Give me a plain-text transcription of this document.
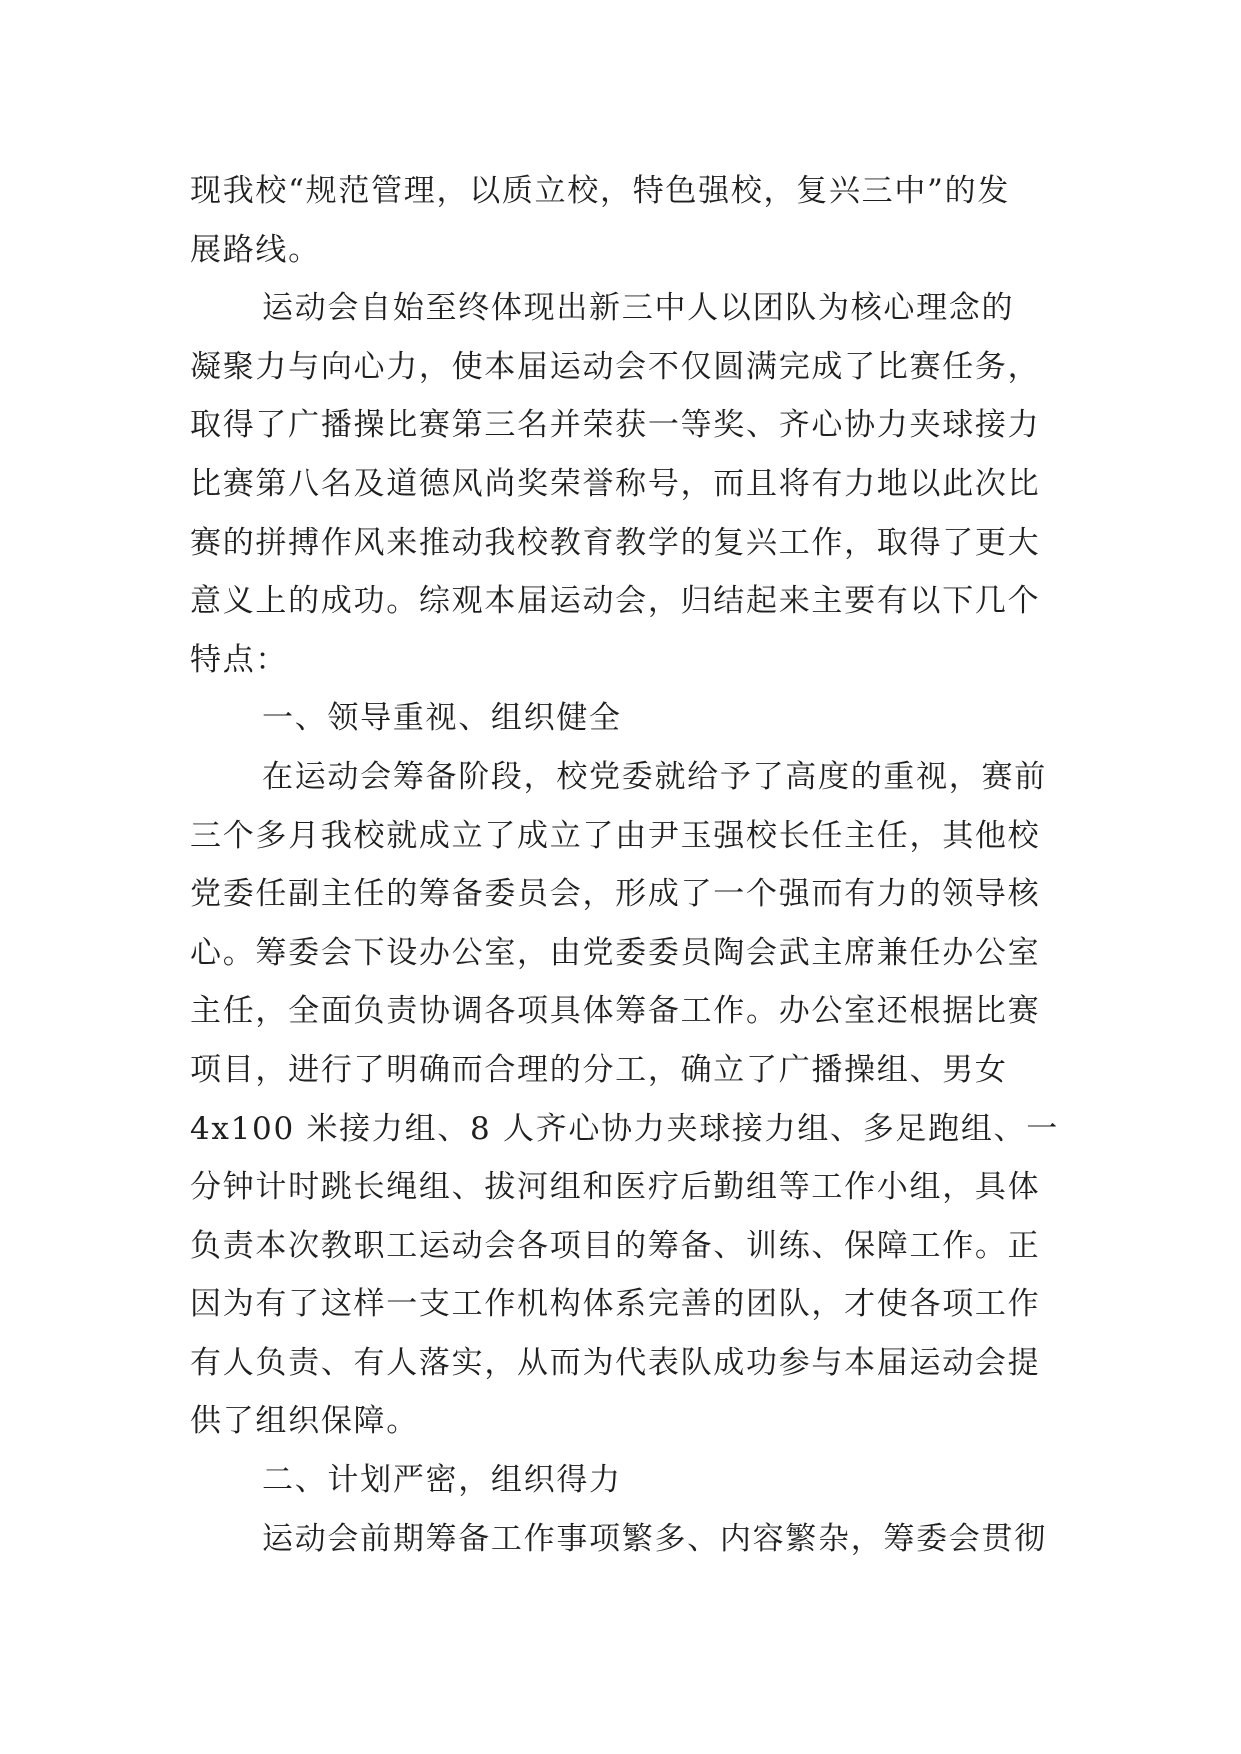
现我校“规范管理，以质立校，特色强校，复兴三中”的发
展路线。
运动会自始至终体现出新三中人以团队为核心理念的
凝聚力与向心力，使本届运动会不仅圆满完成了比赛任务，
取得了广播操比赛第三名并荣获一等奖、齐心协力夹球接力
比赛第八名及道德风尚奖荣誉称号，而且将有力地以此次比
赛的拼搏作风来推动我校教育教学的复兴工作，取得了更大
意义上的成功。综观本届运动会，归结起来主要有以下几个
特点：
一、领导重视、组织健全
在运动会筹备阶段，校党委就给予了高度的重视，赛前
三个多月我校就成立了成立了由尹玉强校长任主任，其他校
党委任副主任的筹备委员会，形成了一个强而有力的领导核
心。筹委会下设办公室，由党委委员陶会武主席兼任办公室
主任，全面负责协调各项具体筹备工作。办公室还根据比赛
项目，进行了明确而合理的分工，确立了广播操组、男女
4x100 米接力组、8 人齐心协力夹球接力组、多足跑组、一
分钟计时跳长绳组、拔河组和医疗后勤组等工作小组，具体
负责本次教职工运动会各项目的筹备、训练、保障工作。正
因为有了这样一支工作机构体系完善的团队，才使各项工作
有人负责、有人落实，从而为代表队成功参与本届运动会提
供了组织保障。
二、计划严密，组织得力
运动会前期筹备工作事项繁多、内容繁杂，筹委会贯彻
